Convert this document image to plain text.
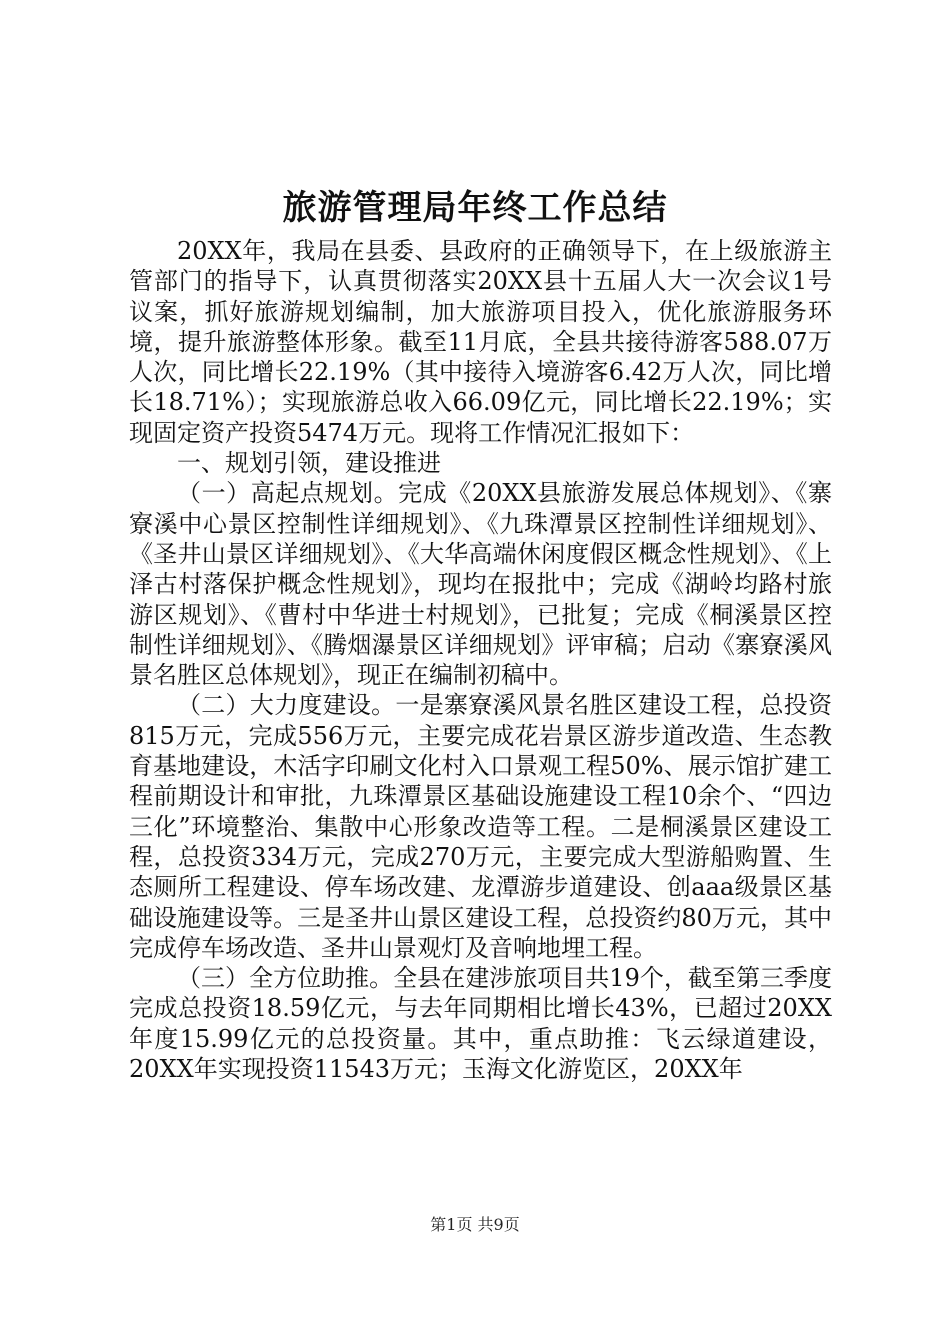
旅游管理局年终工作总结

20XX年，我局在县委、县政府的正确领导下，在上级旅游主管部门的指导下，认真贯彻落实20XX县十五届人大一次会议1号议案，抓好旅游规划编制，加大旅游项目投入，优化旅游服务环境，提升旅游整体形象。截至11月底，全县共接待游客588.07万人次，同比增长22.19%（其中接待入境游客6.42万人次，同比增长18.71%）；实现旅游总收入66.09亿元，同比增长22.19%；实现固定资产投资5474万元。现将工作情况汇报如下：

一、规划引领，建设推进

（一）高起点规划。完成《20XX县旅游发展总体规划》、《寨寮溪中心景区控制性详细规划》、《九珠潭景区控制性详细规划》、《圣井山景区详细规划》、《大华高端休闲度假区概念性规划》、《上泽古村落保护概念性规划》，现均在报批中；完成《湖岭均路村旅游区规划》、《曹村中华进士村规划》，已批复；完成《桐溪景区控制性详细规划》、《腾烟瀑景区详细规划》评审稿；启动《寨寮溪风景名胜区总体规划》，现正在编制初稿中。

（二）大力度建设。一是寨寮溪风景名胜区建设工程，总投资815万元，完成556万元，主要完成花岩景区游步道改造、生态教育基地建设，木活字印刷文化村入口景观工程50%、展示馆扩建工程前期设计和审批，九珠潭景区基础设施建设工程10余个、“四边三化”环境整治、集散中心形象改造等工程。二是桐溪景区建设工程，总投资334万元，完成270万元，主要完成大型游船购置、生态厕所工程建设、停车场改建、龙潭游步道建设、创aaa级景区基础设施建设等。三是圣井山景区建设工程，总投资约80万元，其中完成停车场改造、圣井山景观灯及音响地埋工程。

（三）全方位助推。全县在建涉旅项目共19个，截至第三季度完成总投资18.59亿元，与去年同期相比增长43%，已超过20XX年度15.99亿元的总投资量。其中，重点助推：飞云绿道建设，20XX年实现投资11543万元；玉海文化游览区，20XX年

第1页 共9页
